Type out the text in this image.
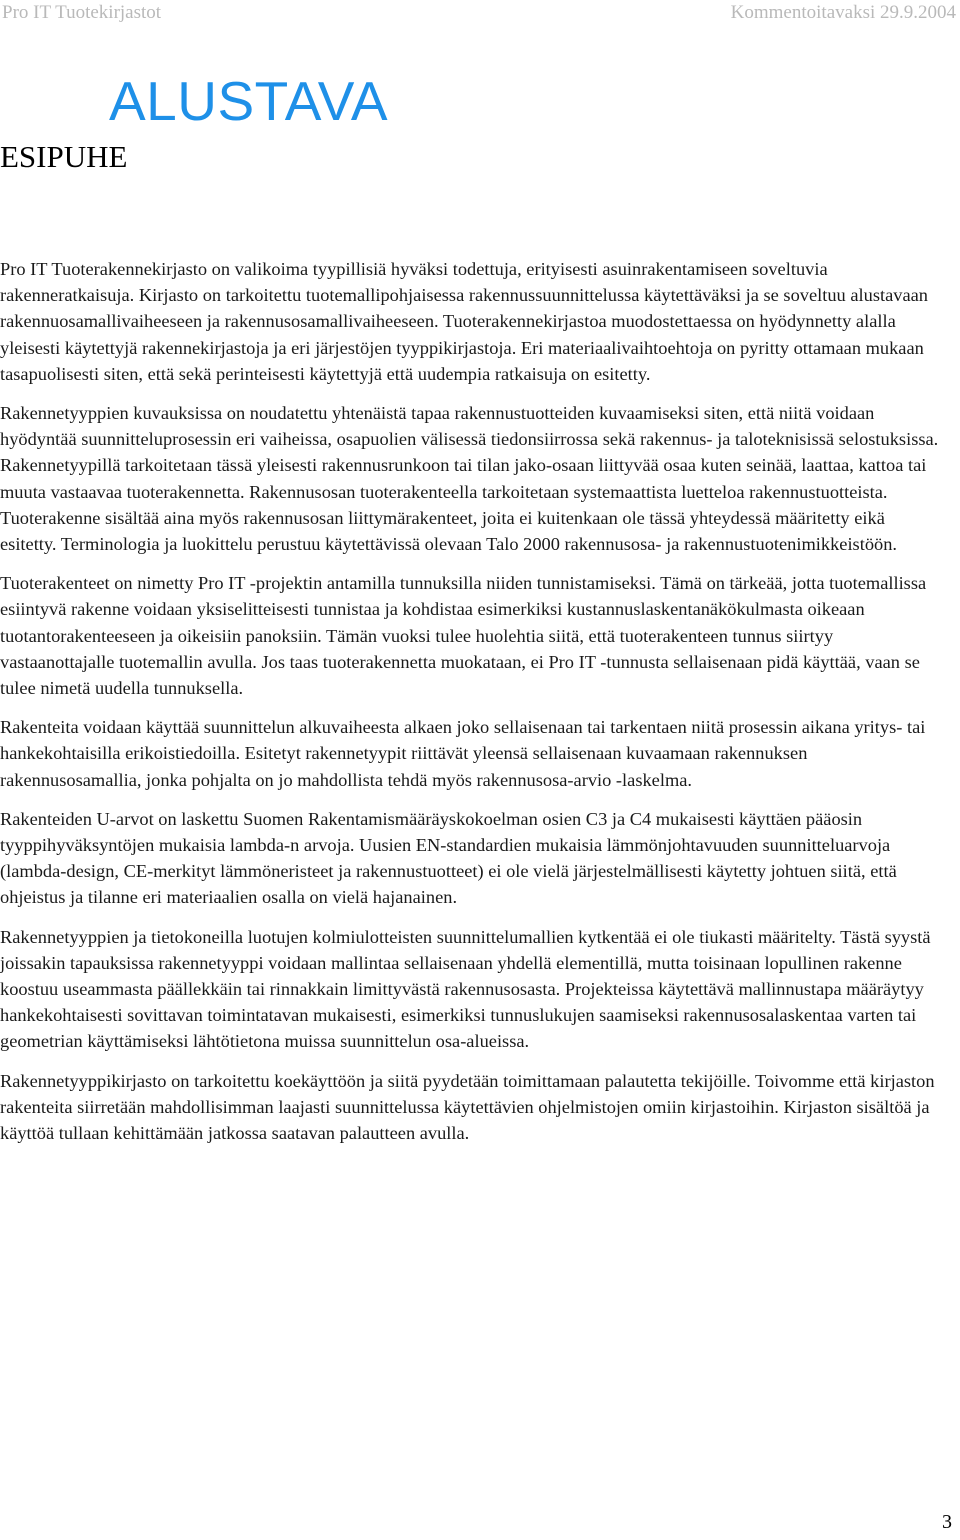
Pro IT Tuotekirjastot	Kommentoitavaksi 29.9.2004
ALUSTAVA
ESIPUHE

Pro IT Tuoterakennekirjasto on valikoima tyypillisiä hyväksi todettuja, erityisesti asuinrakentamiseen soveltuvia rakenneratkaisuja. Kirjasto on tarkoitettu tuotemallipohjaisessa rakennussuunnittelussa käytettäväksi ja se soveltuu alustavaan rakennuosamallivaiheeseen ja rakennusosamallivaiheeseen. Tuoterakennekirjastoa muodostettaessa on hyödynnetty alalla yleisesti käytettyjä rakennekirjastoja ja eri järjestöjen tyyppikirjastoja. Eri materiaalivaihtoehtoja on pyritty ottamaan mukaan tasapuolisesti siten, että sekä perinteisesti käytettyjä että uudempia ratkaisuja on esitetty.

Rakennetyyppien kuvauksissa on noudatettu yhtenäistä tapaa rakennustuotteiden kuvaamiseksi siten, että niitä voidaan hyödyntää suunnitteluprosessin eri vaiheissa, osapuolien välisessä tiedonsiirrossa sekä rakennus- ja taloteknisissä selostuksissa. Rakennetyypillä tarkoitetaan tässä yleisesti rakennusrunkoon tai tilan jako-osaan liittyvää osaa kuten seinää, laattaa, kattoa tai muuta vastaavaa tuoterakennetta. Rakennusosan tuoterakenteella tarkoitetaan systemaattista luetteloa rakennustuotteista. Tuoterakenne sisältää aina myös rakennusosan liittymärakenteet, joita ei kuitenkaan ole tässä yhteydessä määritetty eikä esitetty. Terminologia ja luokittelu perustuu käytettävissä olevaan Talo 2000 rakennusosa- ja rakennustuotenimikkeistöön.

Tuoterakenteet on nimetty Pro IT -projektin antamilla tunnuksilla niiden tunnistamiseksi. Tämä on tärkeää, jotta tuotemallissa esiintyvä rakenne voidaan yksiselitteisesti tunnistaa ja kohdistaa esimerkiksi kustannuslaskentanäkökulmasta oikeaan tuotantorakenteeseen ja oikeisiin panoksiin. Tämän vuoksi tulee huolehtia siitä, että tuoterakenteen tunnus siirtyy vastaanottajalle tuotemallin avulla. Jos taas tuoterakennetta muokataan, ei Pro IT -tunnusta sellaisenaan pidä käyttää, vaan se tulee nimetä uudella tunnuksella.

Rakenteita voidaan käyttää suunnittelun alkuvaiheesta alkaen joko sellaisenaan tai tarkentaen niitä prosessin aikana yritys- tai hankekohtaisilla erikoistiedoilla. Esitetyt rakennetyypit riittävät yleensä sellaisenaan kuvaamaan rakennuksen rakennusosamallia, jonka pohjalta on jo mahdollista tehdä myös rakennusosa-arvio -laskelma.

Rakenteiden U-arvot on laskettu Suomen Rakentamismääräyskokoelman osien C3 ja C4 mukaisesti käyttäen pääosin tyyppihyväksyntöjen mukaisia lambda-n arvoja. Uusien EN-standardien mukaisia lämmönjohtavuuden suunnitteluarvoja (lambda-design, CE-merkityt lämmöneristeet ja rakennustuotteet) ei ole vielä järjestelmällisesti käytetty johtuen siitä, että ohjeistus ja tilanne eri materiaalien osalla on vielä hajanainen.

Rakennetyyppien ja tietokoneilla luotujen kolmiulotteisten suunnittelumallien kytkentää ei ole tiukasti määritelty. Tästä syystä joissakin tapauksissa rakennetyyppi voidaan mallintaa sellaisenaan yhdellä elementillä, mutta toisinaan lopullinen rakenne koostuu useammasta päällekkäin tai rinnakkain limittyvästä rakennusosasta. Projekteissa käytettävä mallinnustapa määräytyy hankekohtaisesti sovittavan toimintatavan mukaisesti, esimerkiksi tunnuslukujen saamiseksi rakennusosalaskentaa varten tai geometrian käyttämiseksi lähtötietona muissa suunnittelun osa-alueissa.

Rakennetyyppikirjasto on tarkoitettu koekäyttöön ja siitä pyydetään toimittamaan palautetta tekijöille. Toivomme että kirjaston rakenteita siirretään mahdollisimman laajasti suunnittelussa käytettävien ohjelmistojen omiin kirjastoihin. Kirjaston sisältöä ja käyttöä tullaan kehittämään jatkossa saatavan palautteen avulla.

3
